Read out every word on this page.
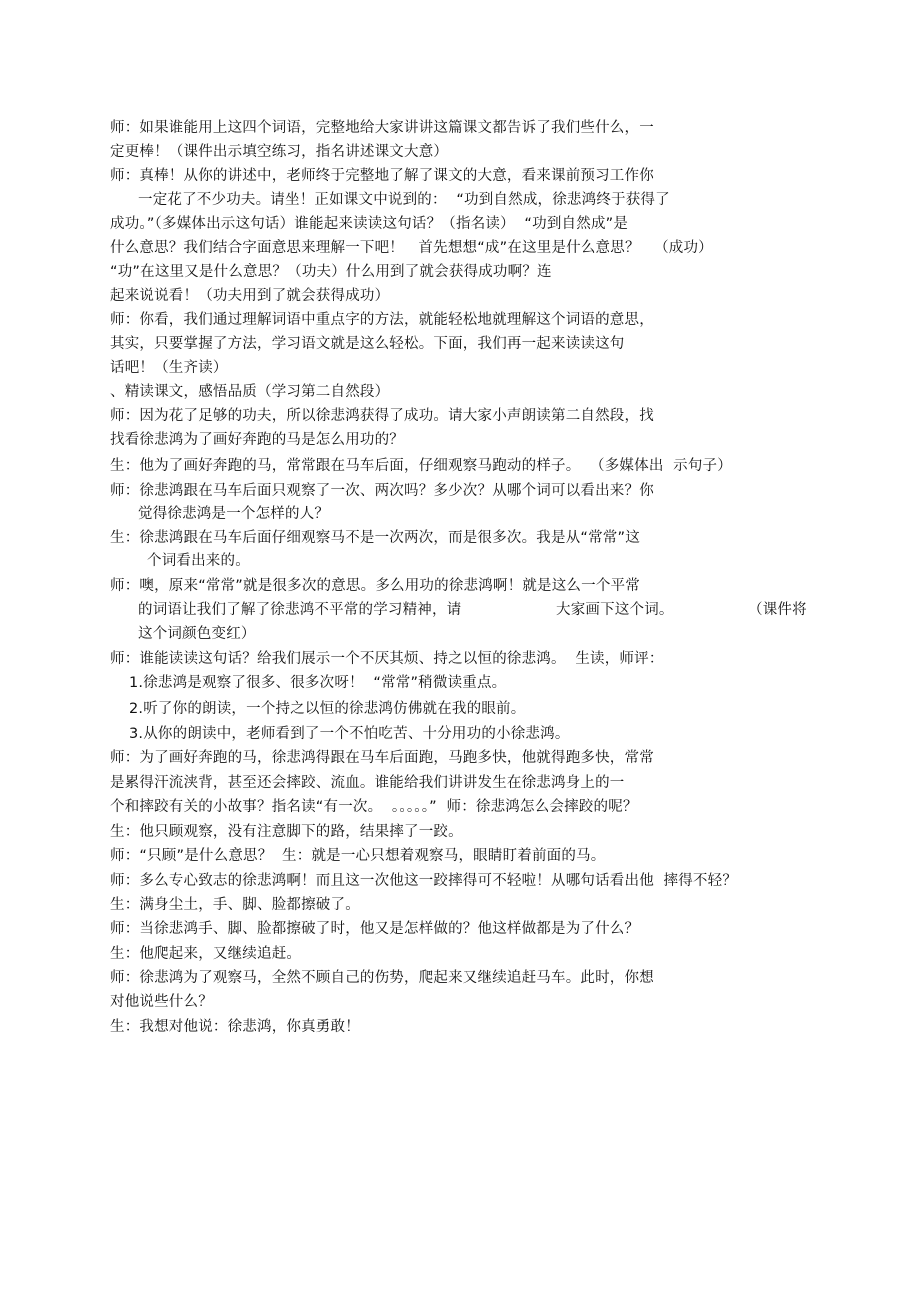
师：如果谁能用上这四个词语，完整地给大家讲讲这篇课文都告诉了我们些什么，一
定更棒！（课件出示填空练习，指名讲述课文大意）
师：真棒！从你的讲述中，老师终于完整地了解了课文的大意，看来课前预习工作你
一定花了不少功夫。请坐！正如课文中说到的：  “功到自然成，徐悲鸿终于获得了
成功。”（多媒体出示这句话）谁能起来读读这句话？（指名读）  “功到自然成”是
什么意思？我们结合字面意思来理解一下吧！   首先想想“成”在这里是什么意思？   （成功）
“功”在这里又是什么意思？（功夫）什么用到了就会获得成功啊？连
起来说说看！（功夫用到了就会获得成功）
师：你看，我们通过理解词语中重点字的方法，就能轻松地就理解这个词语的意思，
其实，只要掌握了方法，学习语文就是这么轻松。下面，我们再一起来读读这句
话吧！（生齐读）
、精读课文，感悟品质（学习第二自然段）
师：因为花了足够的功夫，所以徐悲鸿获得了成功。请大家小声朗读第二自然段，找
找看徐悲鸿为了画好奔跑的马是怎么用功的？
生：他为了画好奔跑的马，常常跟在马车后面，仔细观察马跑动的样子。  （多媒体出  示句子）
师：徐悲鸿跟在马车后面只观察了一次、两次吗？多少次？从哪个词可以看出来？你
觉得徐悲鸿是一个怎样的人？
生：徐悲鸿跟在马车后面仔细观察马不是一次两次，而是很多次。我是从“常常”这
个词看出来的。
师：噢，原来“常常”就是很多次的意思。多么用功的徐悲鸿啊！就是这么一个平常
的词语让我们了解了徐悲鸿不平常的学习精神，请	大家画下这个词。	（课件将
这个词颜色变红）
师：谁能读读这句话？给我们展示一个不厌其烦、持之以恒的徐悲鸿。  生读，师评：
1.徐悲鸿是观察了很多、很多次呀！  “常常”稍微读重点。
2.听了你的朗读，一个持之以恒的徐悲鸿仿佛就在我的眼前。
3.从你的朗读中，老师看到了一个不怕吃苦、十分用功的小徐悲鸿。
师：为了画好奔跑的马，徐悲鸿得跟在马车后面跑，马跑多快，他就得跑多快，常常
是累得汗流浃背，甚至还会摔跤、流血。谁能给我们讲讲发生在徐悲鸿身上的一
个和摔跤有关的小故事？指名读“有一次。  。。。。。”  师：徐悲鸿怎么会摔跤的呢？
生：他只顾观察，没有注意脚下的路，结果摔了一跤。
师：“只顾”是什么意思？  生：就是一心只想着观察马，眼睛盯着前面的马。
师：多么专心致志的徐悲鸿啊！而且这一次他这一跤摔得可不轻啦！从哪句话看出他  摔得不轻？
生：满身尘土，手、脚、脸都擦破了。
师：当徐悲鸿手、脚、脸都擦破了时，他又是怎样做的？他这样做都是为了什么？
生：他爬起来，又继续追赶。
师：徐悲鸿为了观察马，全然不顾自己的伤势，爬起来又继续追赶马车。此时，你想
对他说些什么？
生：我想对他说：徐悲鸿，你真勇敢！
